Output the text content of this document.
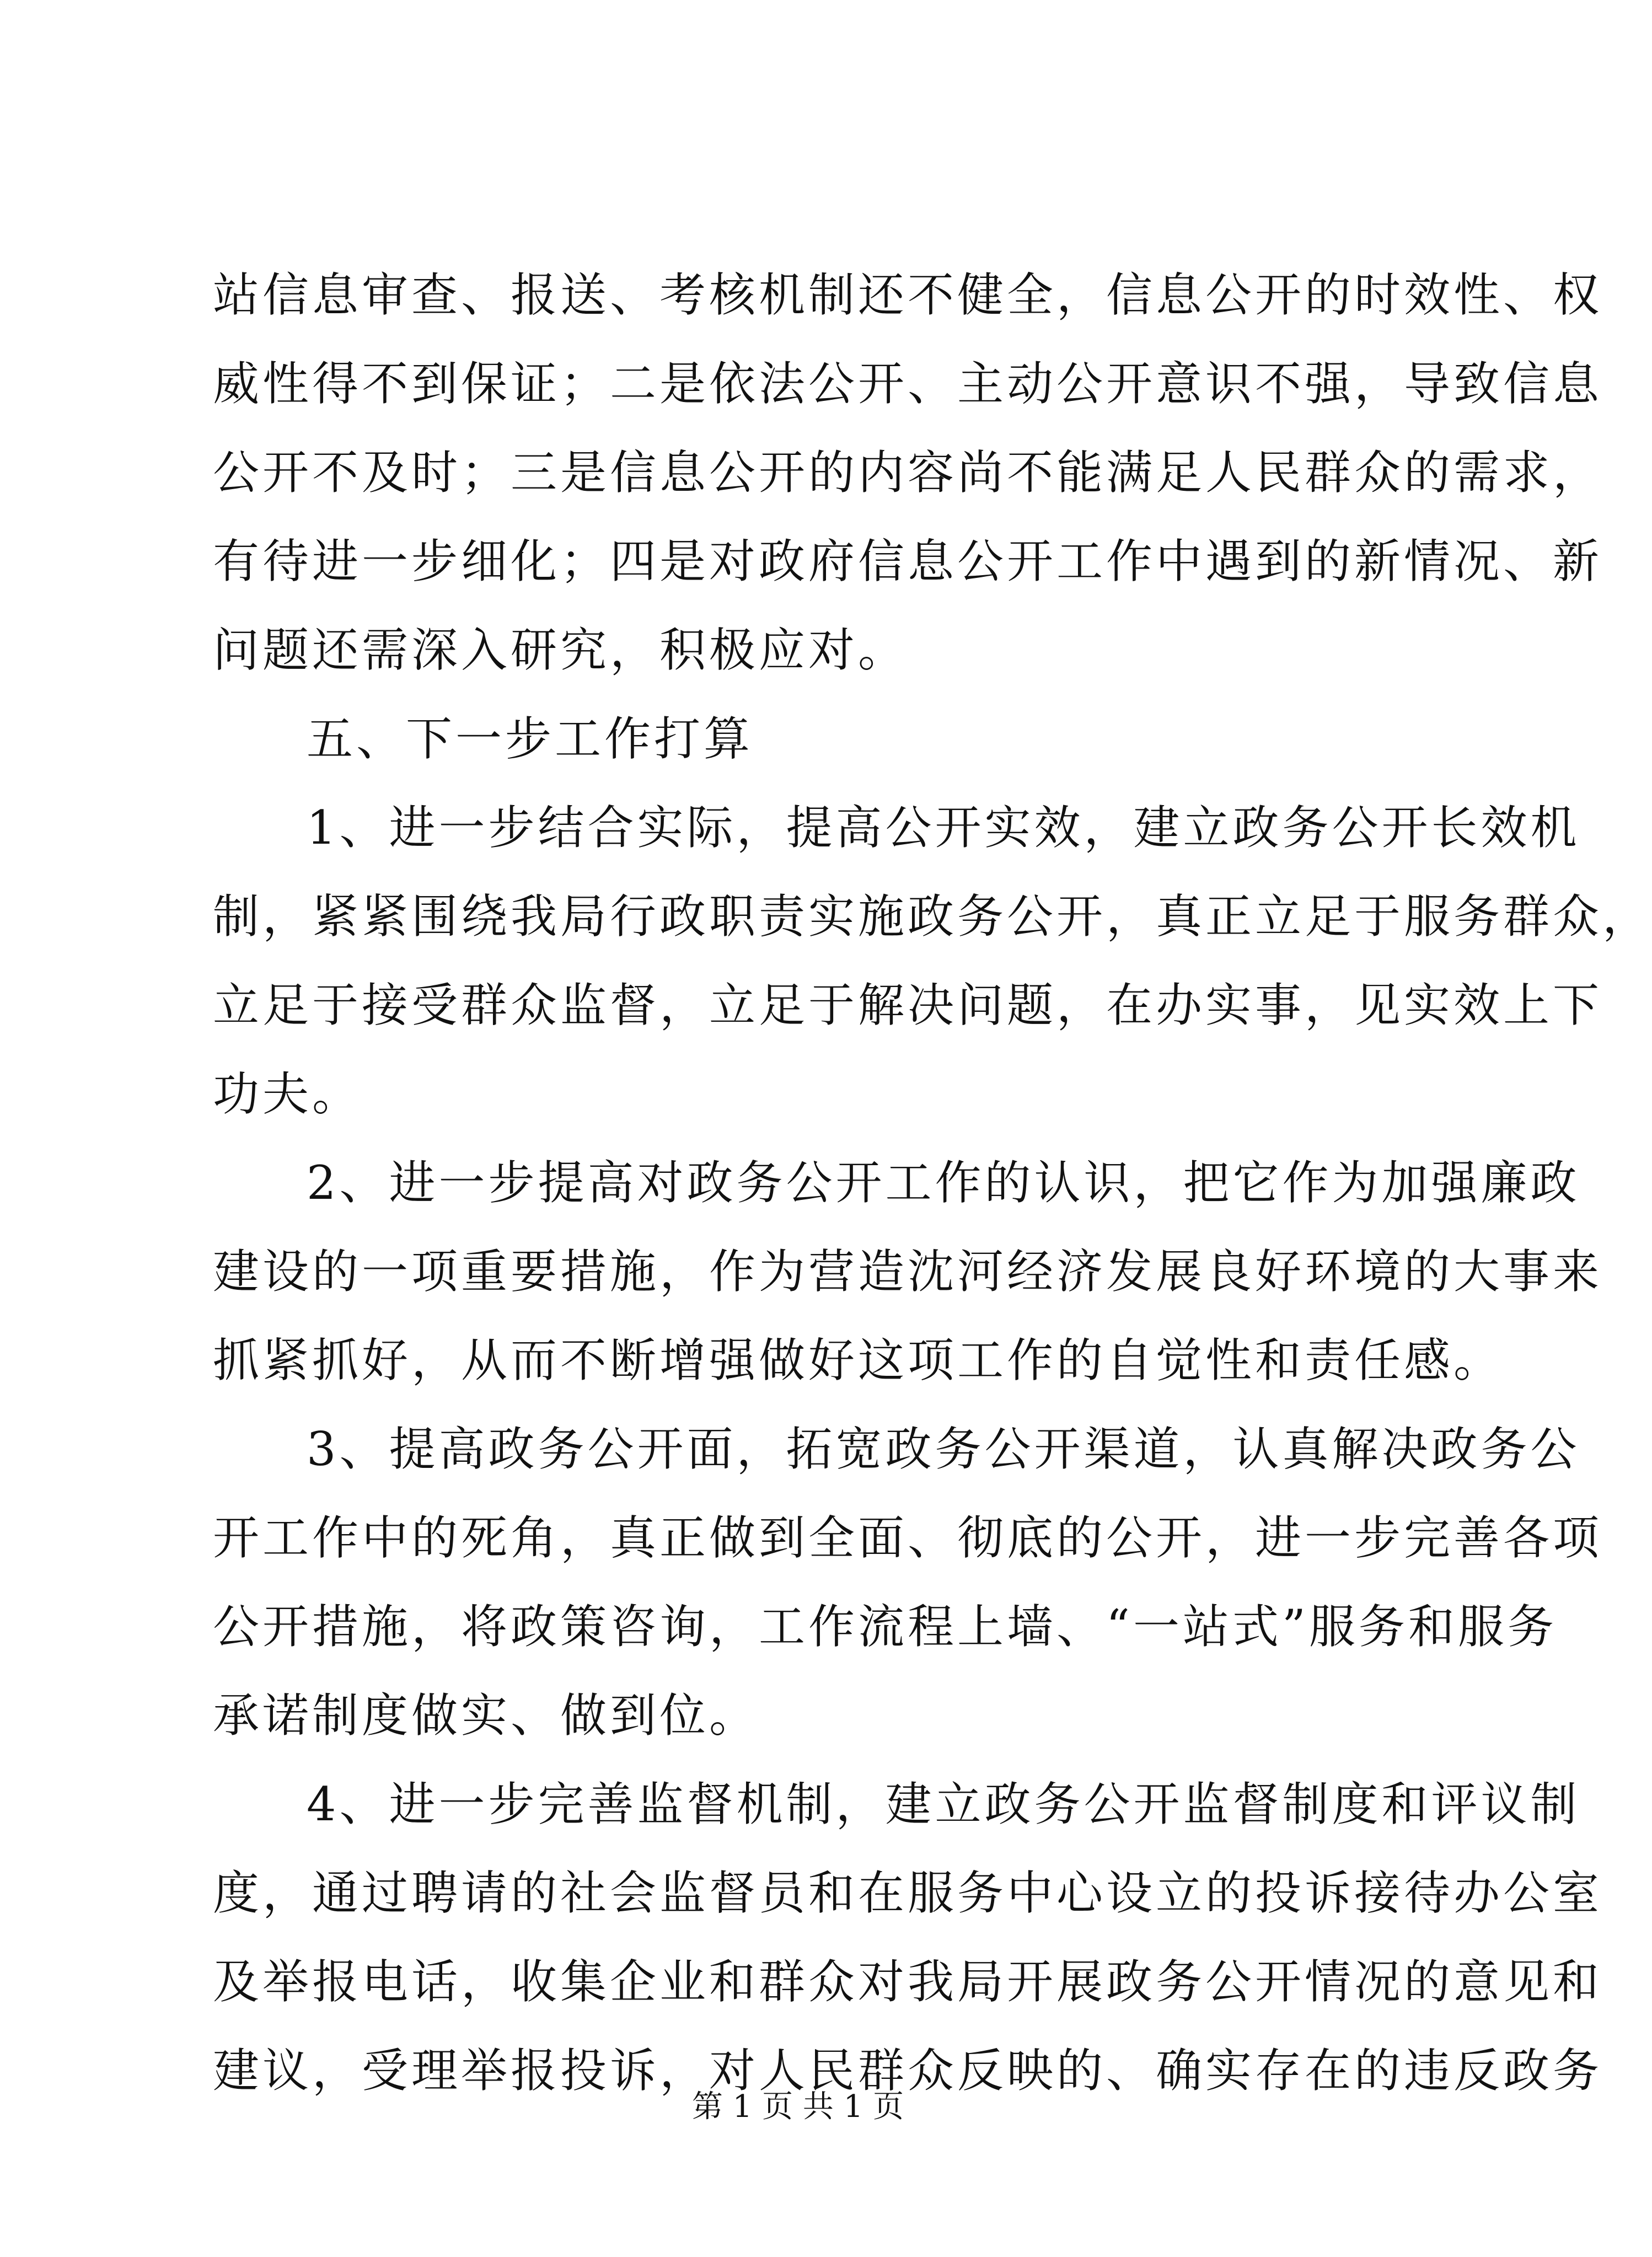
站信息审查、报送、考核机制还不健全，信息公开的时效性、权
威性得不到保证；二是依法公开、主动公开意识不强，导致信息
公开不及时；三是信息公开的内容尚不能满足人民群众的需求，
有待进一步细化；四是对政府信息公开工作中遇到的新情况、新
问题还需深入研究，积极应对。
五、下一步工作打算
1、进一步结合实际，提高公开实效，建立政务公开长效机
制，紧紧围绕我局行政职责实施政务公开，真正立足于服务群众，
立足于接受群众监督，立足于解决问题，在办实事，见实效上下
功夫。
2、进一步提高对政务公开工作的认识，把它作为加强廉政
建设的一项重要措施，作为营造沈河经济发展良好环境的大事来
抓紧抓好，从而不断增强做好这项工作的自觉性和责任感。
3、提高政务公开面，拓宽政务公开渠道，认真解决政务公
开工作中的死角，真正做到全面、彻底的公开，进一步完善各项
公开措施，将政策咨询，工作流程上墙、“一站式”服务和服务
承诺制度做实、做到位。
4、进一步完善监督机制，建立政务公开监督制度和评议制
度，通过聘请的社会监督员和在服务中心设立的投诉接待办公室
及举报电话，收集企业和群众对我局开展政务公开情况的意见和
建议，受理举报投诉，对人民群众反映的、确实存在的违反政务
第 1 页 共 1 页
